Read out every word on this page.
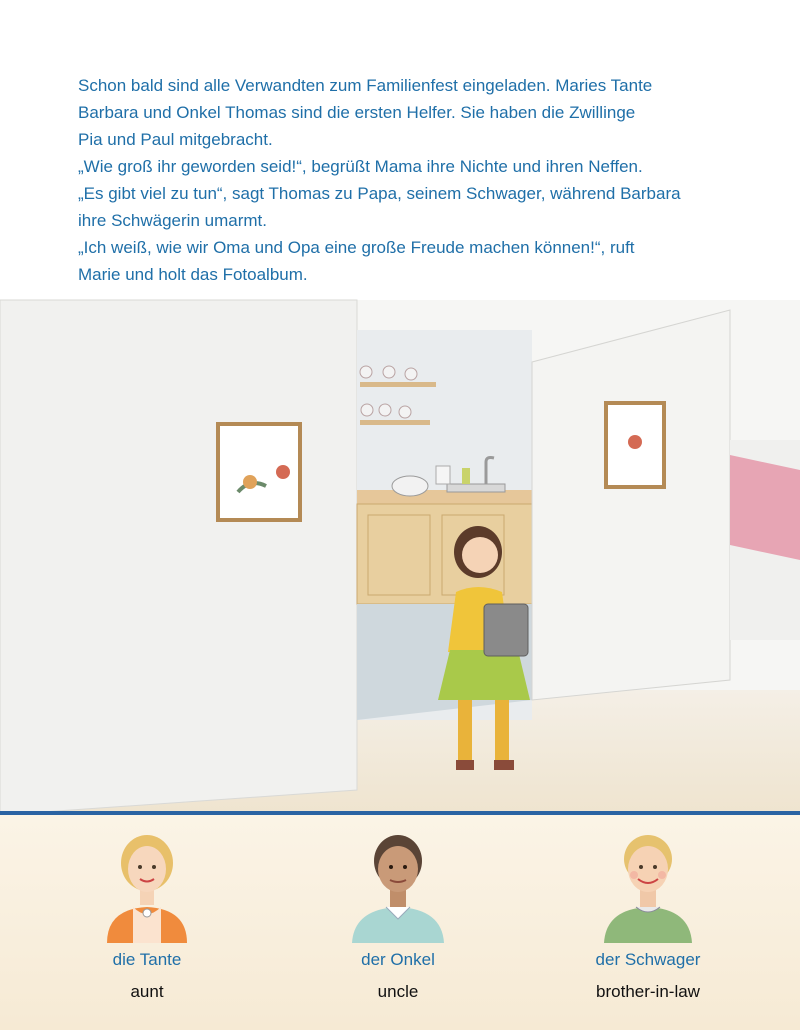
Schon bald sind alle Verwandten zum Familienfest eingeladen. Maries Tante

Barbara und Onkel Thomas sind die ersten Helfer. Sie haben die Zwillinge

Pia und Paul mitgebracht.

„Wie groß ihr geworden seid!“, begrüßt Mama ihre Nichte und ihren Neffen.

„Es gibt viel zu tun“, sagt Thomas zu Papa, seinem Schwager, während Barbara

ihre Schwägerin umarmt.

„Ich weiß, wie wir Oma und Opa eine große Freude machen können!“, ruft

Marie und holt das Fotoalbum.

die Tante
aunt
der Onkel
uncle
der Schwager
brother-in-law
